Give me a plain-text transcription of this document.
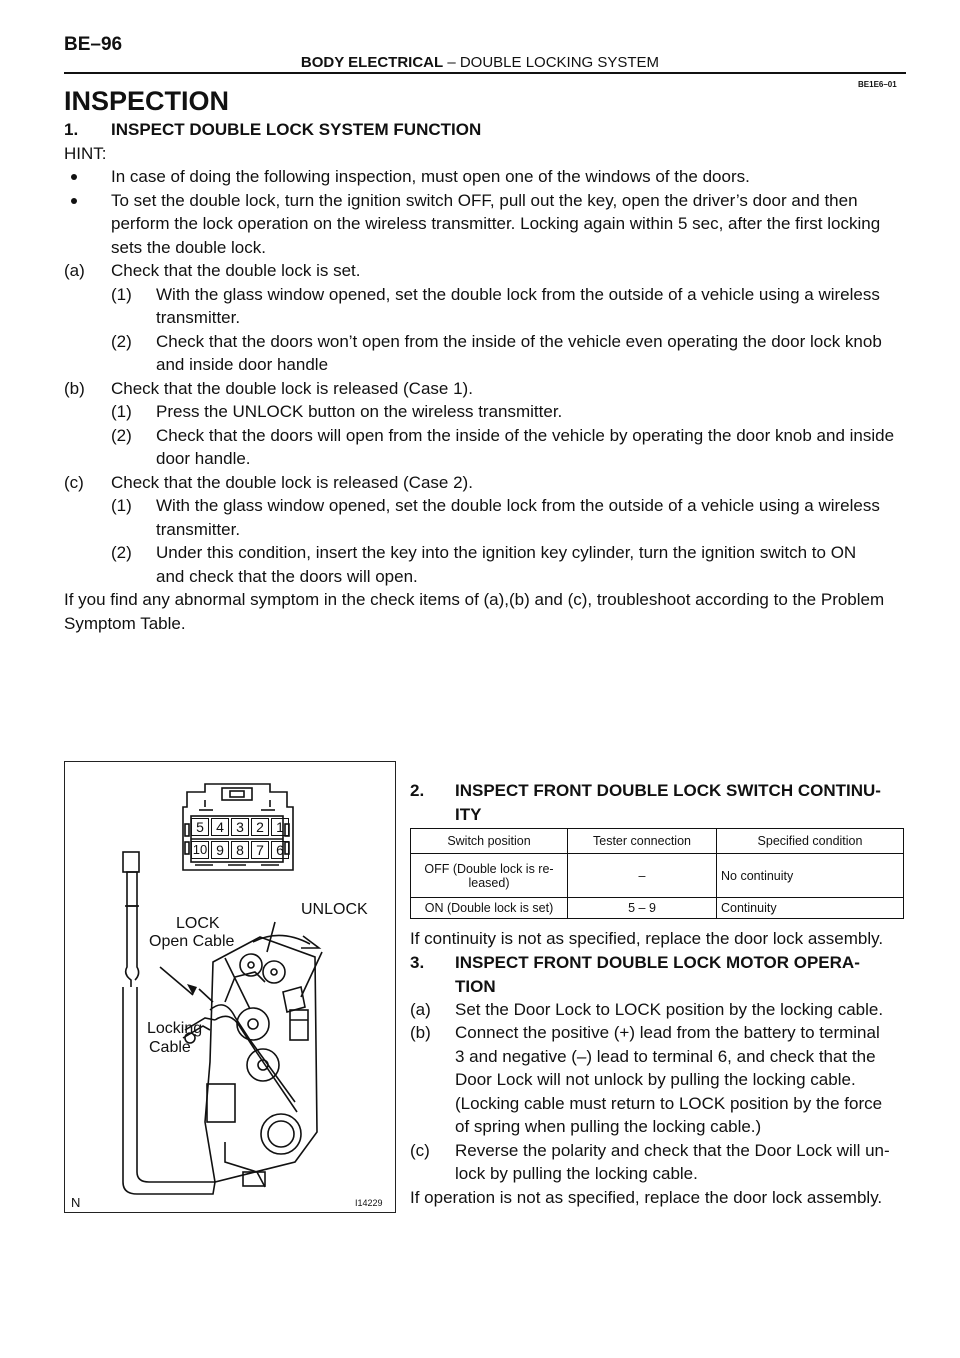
BE–96
BODY ELECTRICAL – DOUBLE LOCKING SYSTEM
BE1E6–01
INSPECTION
1. INSPECT DOUBLE LOCK SYSTEM FUNCTION
HINT:
In case of doing the following inspection, must open one of the windows of the doors.
To set the double lock, turn the ignition switch OFF, pull out the key, open the driver’s door and then
perform the lock operation on the wireless transmitter. Locking again within 5 sec, after the first locking
sets the double lock.
(a) Check that the double lock is set.
(1) With the glass window opened, set the double lock from the outside of a vehicle using a wireless
transmitter.
(2) Check that the doors won’t open from the inside of the vehicle even operating the door lock knob
and inside door handle
(b) Check that the double lock is released (Case 1).
(1) Press the UNLOCK button on the wireless transmitter.
(2) Check that the doors will open from the inside of the vehicle by operating the door knob and inside
door handle.
(c) Check that the double lock is released (Case 2).
(1) With the glass window opened, set the double lock from the outside of a vehicle using a wireless
transmitter.
(2) Under this condition, insert the key into the ignition key cylinder, turn the ignition switch to ON
and check that the doors will open.
If you find any abnormal symptom in the check items of (a),(b) and (c), troubleshoot according to the Problem
Symptom Table.
5 4 3 2 1
10 9 8 7 6
UNLOCK
LOCK
Open Cable
Locking
Cable
N	I14229
2. INSPECT FRONT DOUBLE LOCK SWITCH CONTINU-
ITY
Switch position	Tester connection	Specified condition

OFF (Double lock is re-
leased)	–	No continuity
ON (Double lock is set)	5 – 9	Continuity
If continuity is not as specified, replace the door lock assembly.
3. INSPECT FRONT DOUBLE LOCK MOTOR OPERA-
TION
(a) Set the Door Lock to LOCK position by the locking cable.
(b) Connect the positive (+) lead from the battery to terminal
3 and negative (–) lead to terminal 6, and check that the
Door Lock will not unlock by pulling the locking cable.
(Locking cable must return to LOCK position by the force
of spring when pulling the locking cable.)
(c) Reverse the polarity and check that the Door Lock will un-
lock by pulling the locking cable.
If operation is not as specified, replace the door lock assembly.
